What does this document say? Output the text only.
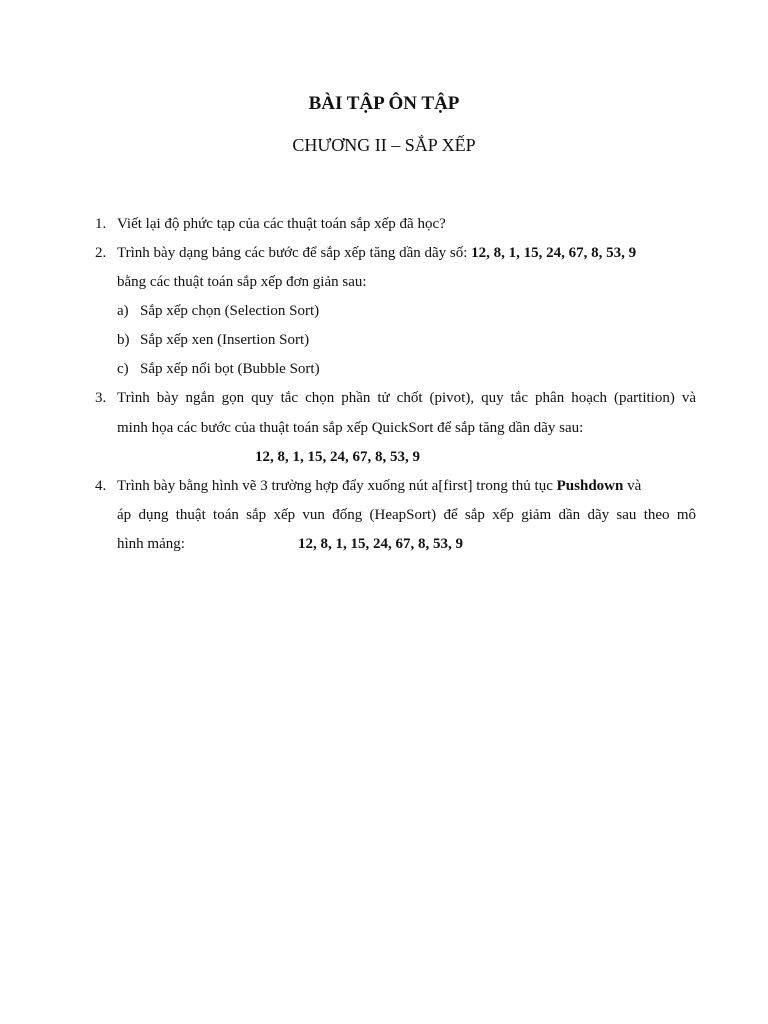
BÀI TẬP ÔN TẬP
CHƯƠNG II – SẮP XẾP
1. Viết lại độ phức tạp của các thuật toán sắp xếp đã học?
2. Trình bày dạng bảng các bước để sắp xếp tăng dần dãy số: 12, 8, 1, 15, 24, 67, 8, 53, 9
bằng các thuật toán sắp xếp đơn giản sau:
a) Sắp xếp chọn (Selection Sort)
b) Sắp xếp xen (Insertion Sort)
c) Sắp xếp nổi bọt (Bubble Sort)
3. Trình bày ngắn gọn quy tắc chọn phần tử chốt (pivot), quy tắc phân hoạch (partition) và
minh họa các bước của thuật toán sắp xếp QuickSort để sắp tăng dần dãy sau:
12, 8, 1, 15, 24, 67, 8, 53, 9
4. Trình bày bằng hình vẽ 3 trường hợp đẩy xuống nút a[first] trong thủ tục Pushdown và
áp dụng thuật toán sắp xếp vun đống (HeapSort) để sắp xếp giảm dần dãy sau theo mô
hình mảng:	12, 8, 1, 15, 24, 67, 8, 53, 9
